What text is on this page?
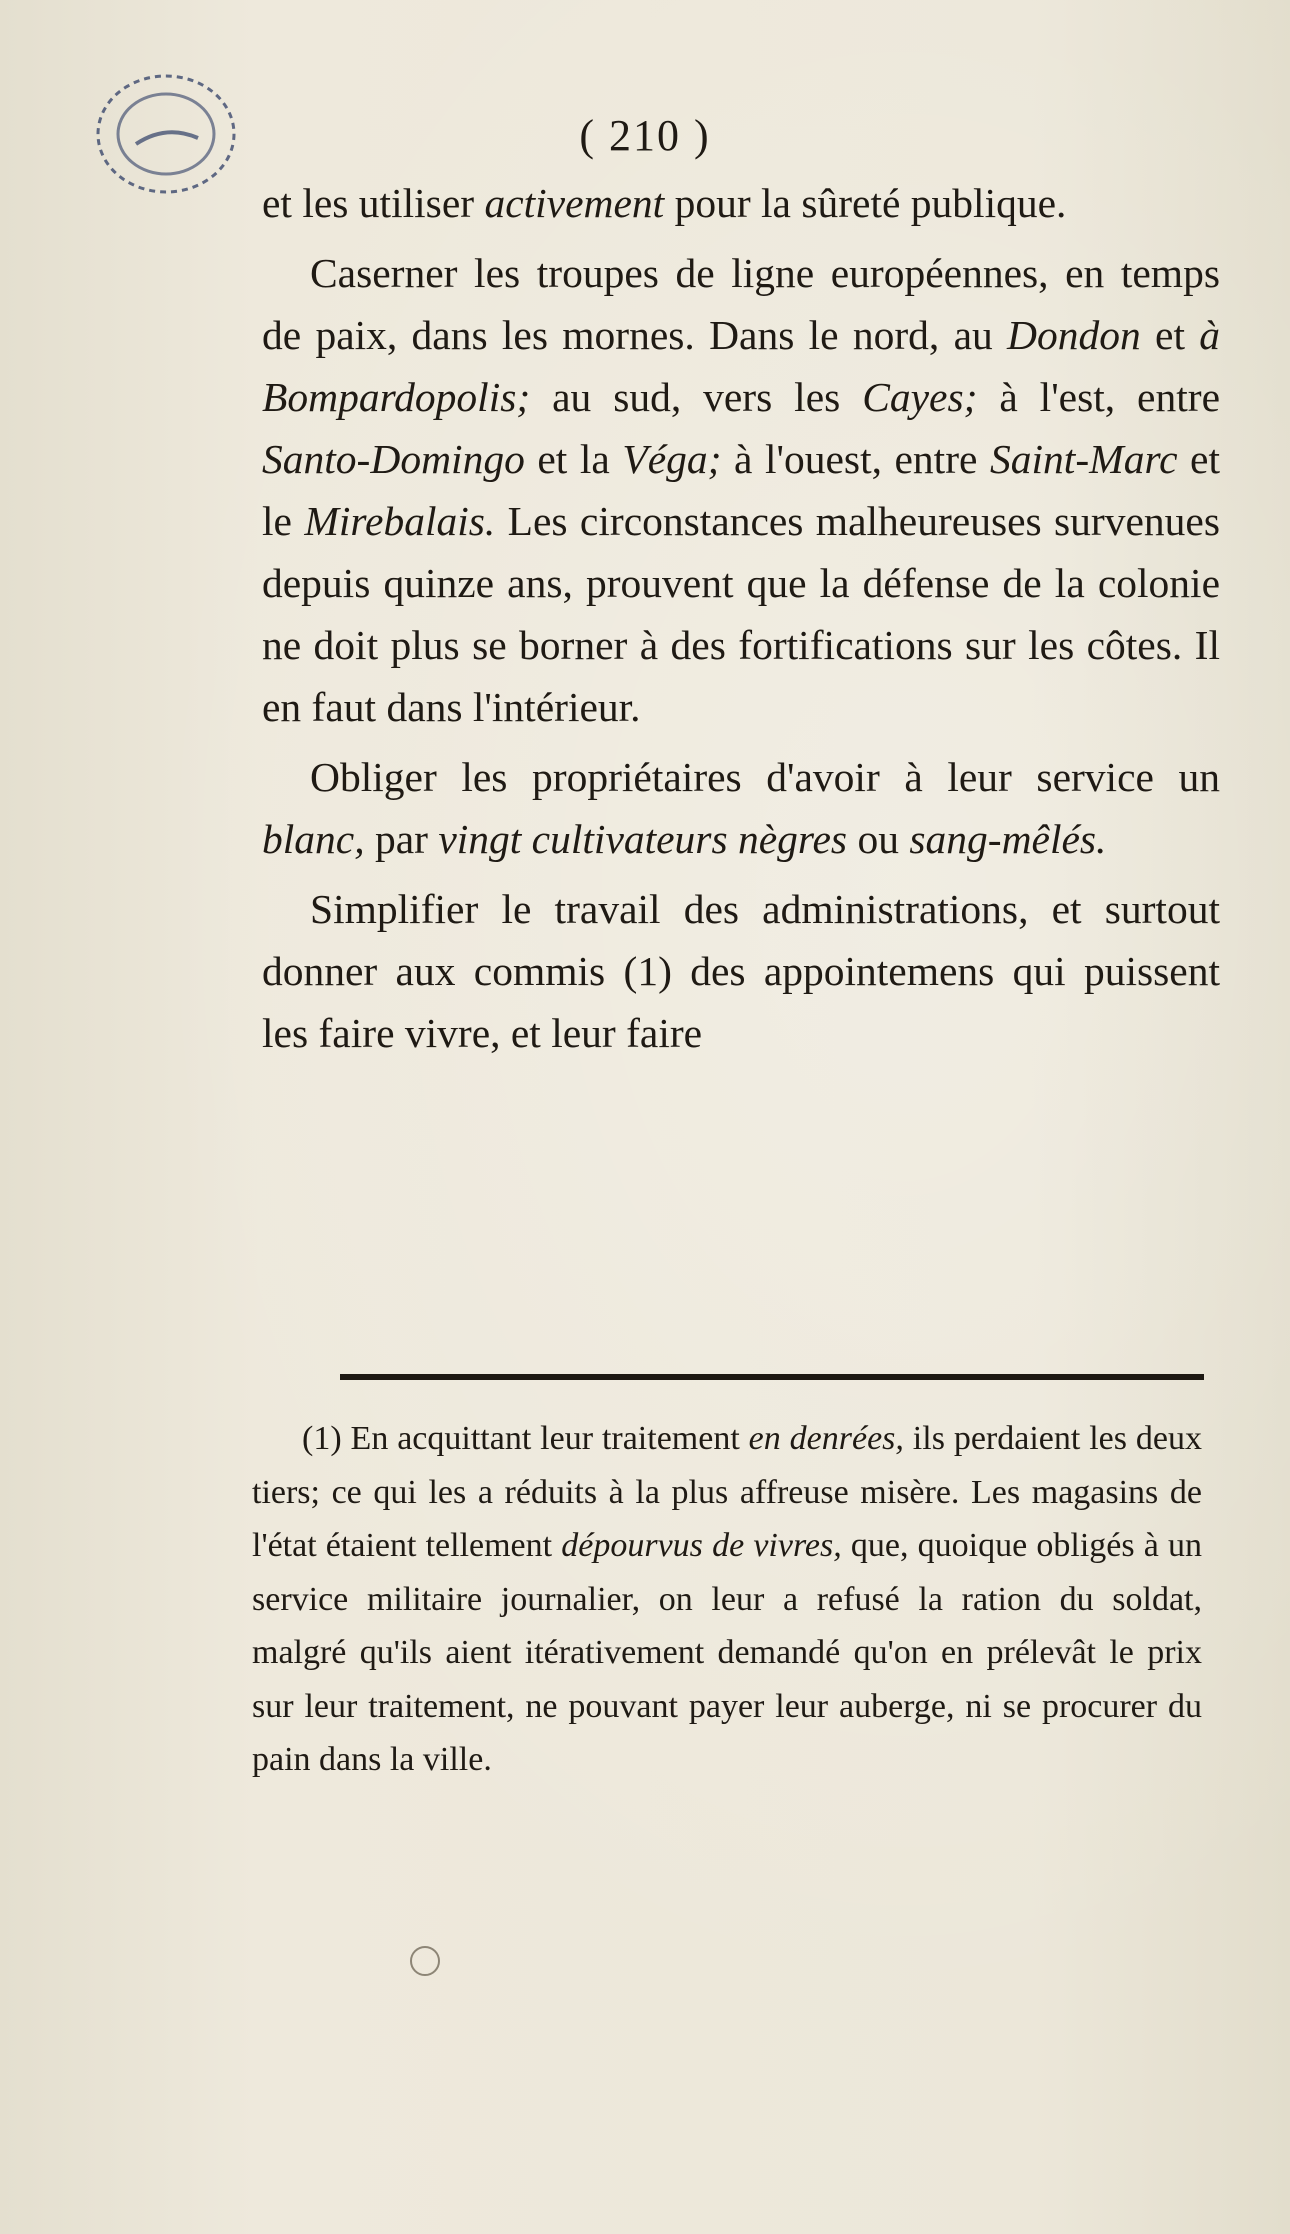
( 210 )

et les utiliser activement pour la sûreté publique.

Caserner les troupes de ligne européennes, en temps de paix, dans les mornes. Dans le nord, au Dondon et à Bompardopolis; au sud, vers les Cayes; à l'est, entre Santo-Domingo et la Véga; à l'ouest, entre Saint-Marc et le Mirebalais. Les circonstances malheureuses survenues depuis quinze ans, prouvent que la défense de la colonie ne doit plus se borner à des fortifications sur les côtes. Il en faut dans l'intérieur.

Obliger les propriétaires d'avoir à leur service un blanc, par vingt cultivateurs nègres ou sang-mêlés.

Simplifier le travail des administrations, et surtout donner aux commis (1) des appointemens qui puissent les faire vivre, et leur faire

(1) En acquittant leur traitement en denrées, ils perdaient les deux tiers; ce qui les a réduits à la plus affreuse misère. Les magasins de l'état étaient tellement dépourvus de vivres, que, quoique obligés à un service militaire journalier, on leur a refusé la ration du soldat, malgré qu'ils aient itérativement demandé qu'on en prélevât le prix sur leur traitement, ne pouvant payer leur auberge, ni se procurer du pain dans la ville.
